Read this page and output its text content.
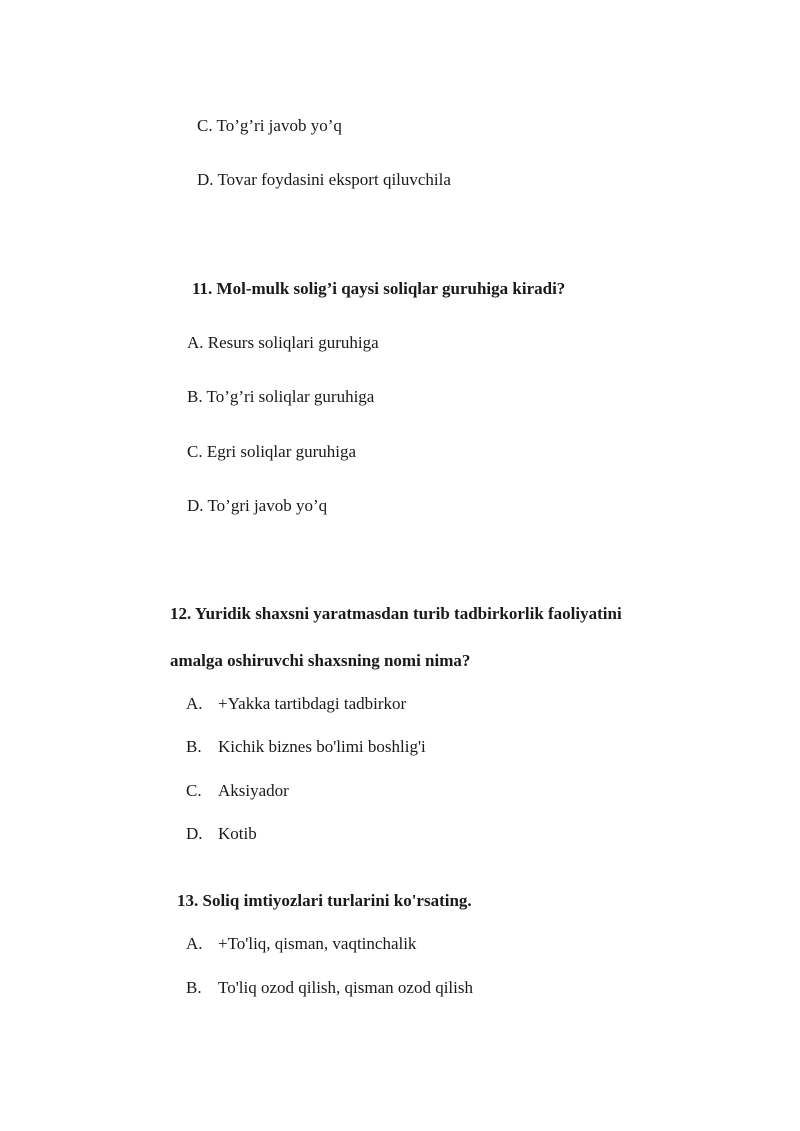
C. To’g’ri javob yo’q
D. Tovar foydasini eksport qiluvchila
11. Mol-mulk solig’i qaysi soliqlar guruhiga kiradi?
A. Resurs soliqlari guruhiga
B. To’g’ri soliqlar guruhiga
C. Egri soliqlar guruhiga
D. To’gri javob yo’q
12. Yuridik shaxsni yaratmasdan turib tadbirkorlik faoliyatini
amalga oshiruvchi shaxsning nomi nima?
A. +Yakka tartibdagi tadbirkor
B. Kichik biznes bo'limi boshlig'i
C. Aksiyador
D. Kotib
13. Soliq imtiyozlari turlarini ko'rsating.
A. +To'liq, qisman, vaqtinchalik
B. To'liq ozod qilish, qisman ozod qilish
